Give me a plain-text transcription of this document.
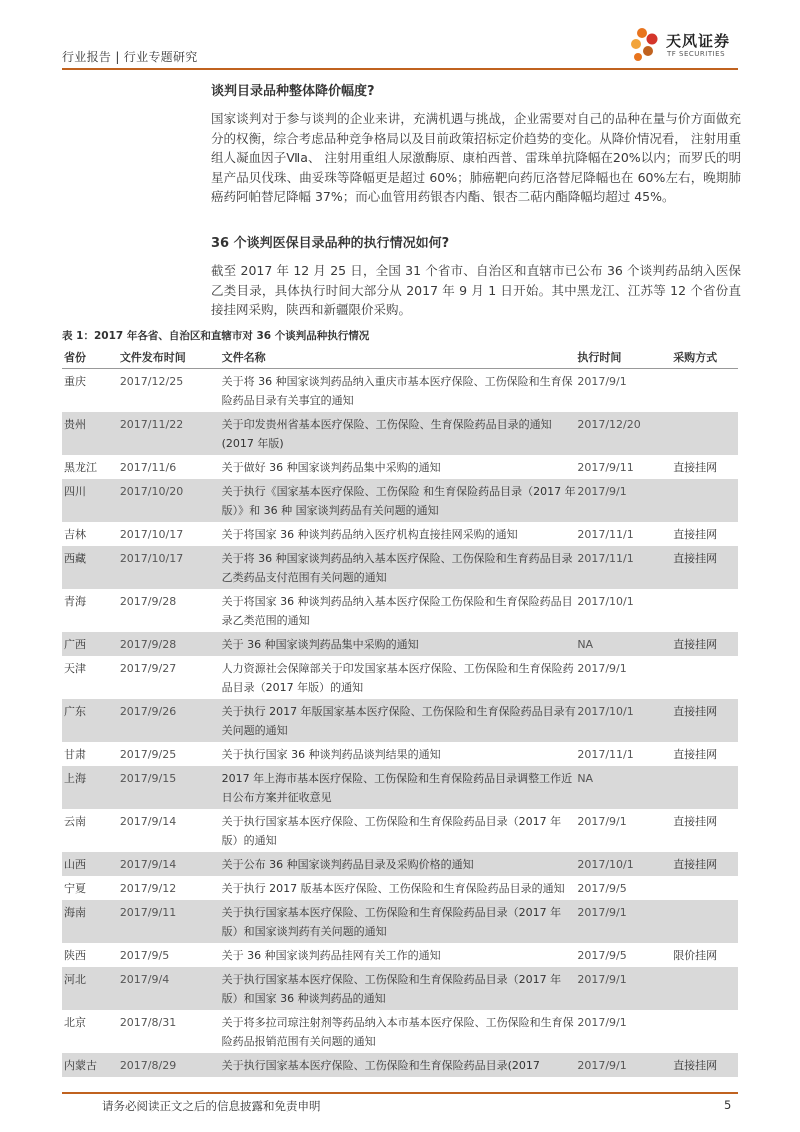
行业报告 | 行业专题研究
天风证券
TF SECURITIES
谈判目录品种整体降价幅度?

国家谈判对于参与谈判的企业来讲，充满机遇与挑战，企业需要对自己的品种在量与价方面做充分的权衡，综合考虑品种竞争格局以及目前政策招标定价趋势的变化。从降价情况看， 注射用重组人凝血因子Ⅶa、 注射用重组人尿激酶原、康柏西普、雷珠单抗降幅在20%以内；而罗氏的明星产品贝伐珠、曲妥珠等降幅更是超过 60%；肺癌靶向药厄洛替尼降幅也在 60%左右，晚期肺癌药阿帕替尼降幅 37%；而心血管用药银杏内酯、银杏二萜内酯降幅均超过 45%。

36 个谈判医保目录品种的执行情况如何?

截至 2017 年 12 月 25 日，全国 31 个省市、自治区和直辖市已公布 36 个谈判药品纳入医保乙类目录，具体执行时间大部分从 2017 年 9 月 1 日开始。其中黑龙江、江苏等 12 个省份直接挂网采购，陕西和新疆限价采购。

表 1：2017 年各省、自治区和直辖市对 36 个谈判品种执行情况
省份	文件发布时间	文件名称	执行时间	采购方式
重庆	2017/12/25	关于将 36 种国家谈判药品纳入重庆市基本医疗保险、工伤保险和生育保险药品目录有关事宜的通知	2017/9/1	
贵州	2017/11/22	关于印发贵州省基本医疗保险、工伤保险、生育保险药品目录的通知(2017 年版)	2017/12/20	
黑龙江	2017/11/6	关于做好 36 种国家谈判药品集中采购的通知	2017/9/11	直接挂网
四川	2017/10/20	关于执行《国家基本医疗保险、工伤保险 和生育保险药品目录（2017 年版）》和 36 种 国家谈判药品有关问题的通知	2017/9/1	
吉林	2017/10/17	关于将国家 36 种谈判药品纳入医疗机构直接挂网采购的通知	2017/11/1	直接挂网
西藏	2017/10/17	关于将 36 种国家谈判药品纳入基本医疗保险、工伤保险和生育药品目录乙类药品支付范围有关问题的通知	2017/11/1	直接挂网
青海	2017/9/28	关于将国家 36 种谈判药品纳入基本医疗保险工伤保险和生育保险药品目录乙类范围的通知	2017/10/1	
广西	2017/9/28	关于 36 种国家谈判药品集中采购的通知	NA	直接挂网
天津	2017/9/27	人力资源社会保障部关于印发国家基本医疗保险、工伤保险和生育保险药品目录（2017 年版）的通知	2017/9/1	
广东	2017/9/26	关于执行 2017 年版国家基本医疗保险、工伤保险和生育保险药品目录有关问题的通知	2017/10/1	直接挂网
甘肃	2017/9/25	关于执行国家 36 种谈判药品谈判结果的通知	2017/11/1	直接挂网
上海	2017/9/15	2017 年上海市基本医疗保险、工伤保险和生育保险药品目录调整工作近日公布方案并征收意见	NA	
云南	2017/9/14	关于执行国家基本医疗保险、工伤保险和生育保险药品目录（2017 年版）的通知	2017/9/1	直接挂网
山西	2017/9/14	关于公布 36 种国家谈判药品目录及采购价格的通知	2017/10/1	直接挂网
宁夏	2017/9/12	关于执行 2017 版基本医疗保险、工伤保险和生育保险药品目录的通知	2017/9/5	
海南	2017/9/11	关于执行国家基本医疗保险、工伤保险和生育保险药品目录（2017 年版）和国家谈判药有关问题的通知	2017/9/1	
陕西	2017/9/5	关于 36 种国家谈判药品挂网有关工作的通知	2017/9/5	限价挂网
河北	2017/9/4	关于执行国家基本医疗保险、工伤保险和生育保险药品目录（2017 年版）和国家 36 种谈判药品的通知	2017/9/1	
北京	2017/8/31	关于将多拉司琼注射剂等药品纳入本市基本医疗保险、工伤保险和生育保险药品报销范围有关问题的通知	2017/9/1	
内蒙古	2017/8/29	关于执行国家基本医疗保险、工伤保险和生育保险药品目录(2017	2017/9/1	直接挂网
请务必阅读正文之后的信息披露和免责申明	5
